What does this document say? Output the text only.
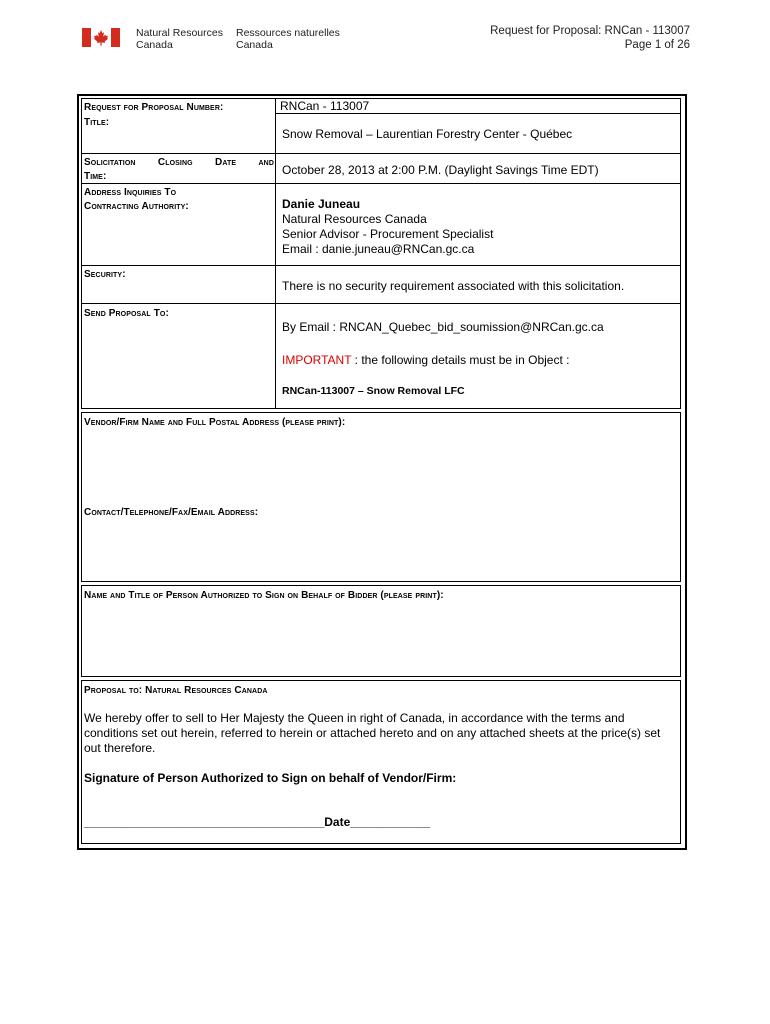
Natural Resources
Canada
Ressources naturelles
Canada
Request for Proposal: RNCan - 113007
Page 1 of 26
Request for Proposal Number:	RNCan - 113007
Title:
Snow Removal – Laurentian Forestry Center - Québec
Solicitation Closing Date and
Time:	October 28, 2013 at 2:00 P.M. (Daylight Savings Time EDT)
Address Inquiries To
Contracting Authority:	Danie Juneau
Natural Resources Canada
Senior Advisor - Procurement Specialist
Email : danie.juneau@RNCan.gc.ca
Security:
There is no security requirement associated with this solicitation.
Send Proposal To:
By Email : RNCAN_Quebec_bid_soumission@NRCan.gc.ca
IMPORTANT : the following details must be in Object :
RNCan-113007 – Snow Removal LFC
Vendor/Firm Name and Full Postal Address (please print):
Contact/Telephone/Fax/Email Address:
Name and Title of Person Authorized to Sign on Behalf of Bidder (please print):
Proposal to: Natural Resources Canada
We hereby offer to sell to Her Majesty the Queen in right of Canada, in accordance with the terms and conditions set out herein, referred to herein or attached hereto and on any attached sheets at the price(s) set out therefore.
Signature of Person Authorized to Sign on behalf of Vendor/Firm:
____________________________________Date____________
